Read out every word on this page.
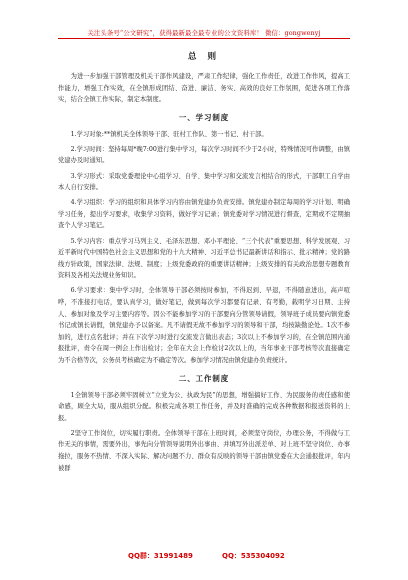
关注头条号“公文研究”，获得最新最全最专业的公文资料库！ 微信：gongwenyj
总 则

为进一步加强干部管理及机关干部作风建设，严肃工作纪律，强化工作责任，改进工作作风，提高工作能力，增强工作实效，在全镇形成团结、奋进、廉洁、务实、高效的良好工作氛围，促进各项工作落实，结合全镇工作实际，制定本制度。

一、学习制度

1.学习对象:**镇机关全体领导干部、驻村工作队、第一书记、村干部。

2.学习时间：坚持每周*晚7:00进行集中学习，每次学习时间不少于2小时，特殊情况可作调整，由镇党建办及时通知。

3.学习形式：采取党委理论中心组学习、自学、集中学习和交流发言相结合的形式，干部职工自学由本人自行安排。

4.学习组织：学习的组织和具体学习内容由镇党建办负责安排。镇党建办制定每周的学习计划、明确学习任务，提出学习要求，收集学习资料，做好学习记录；镇党委对学习情况进行督查，定期或不定期抽查个人学习笔记。

5.学习内容：重点学习马列主义、毛泽东思想、邓小平理论、“三个代表”重要思想、科学发展观、习近平新时代中国特色社会主义思想和党的十九大精神、习近平总书记最新讲话和指示、批示精神；党的路线方针政策，国家法律、法规、制度；上级党委政府的重要讲话精神；上级安排的有关政治思想专题教育资料及各相关法规业务知识。

6.学习要求：集中学习时，全体领导干部必须按时参加，不得迟到、早退，不得随意进出，高声喧哗，不准接打电话，要认真学习，做好笔记，做到每次学习都要有记录、有考勤，载明学习日期、主持人、参加对象及学习主要内容等。因公不能参加学习的干部要向分管领导请假，领导班子成员要向镇党委书记或镇长请假，镇党建办予以备案。凡不请假无故不参加学习的领导和干部，均按缺勤论处。1次不参加的，进行点名批评；并在下次学习时进行交流发言做出表态；3次以上不参加学习的，在全镇范围内通报批评，责令在周一例会上作出检讨；全年在大会上作检讨2次以上的，当年事业干部考核等次直接确定为不合格等次，公务员考核确定为不确定等次。参加学习情况由镇党建办负责统计。

二、工作制度

1全镇领导干部必须牢固树立“立党为公、执政为民”的思想，增强搞好工作、为民服务的责任感和使命感，顾全大局，服从组织分配。积极完成各项工作任务，并及时准确的完成各种数据和报送资料的上报。

2坚守工作岗位，切实履行职责。全体领导干部在上班时间，必须坚守岗位，办理公务，不得做与工作无关的事情，需要外出，事先向分管领导说明外出事由、并填写外出派差单、对上班不坚守岗位、办事拖拉，服务不热情、不深入实际、解决问题不力、群众有反映的领导干部由镇党委在大会通报批评，年内被群

QQ群：31991489	QQ：535304092
